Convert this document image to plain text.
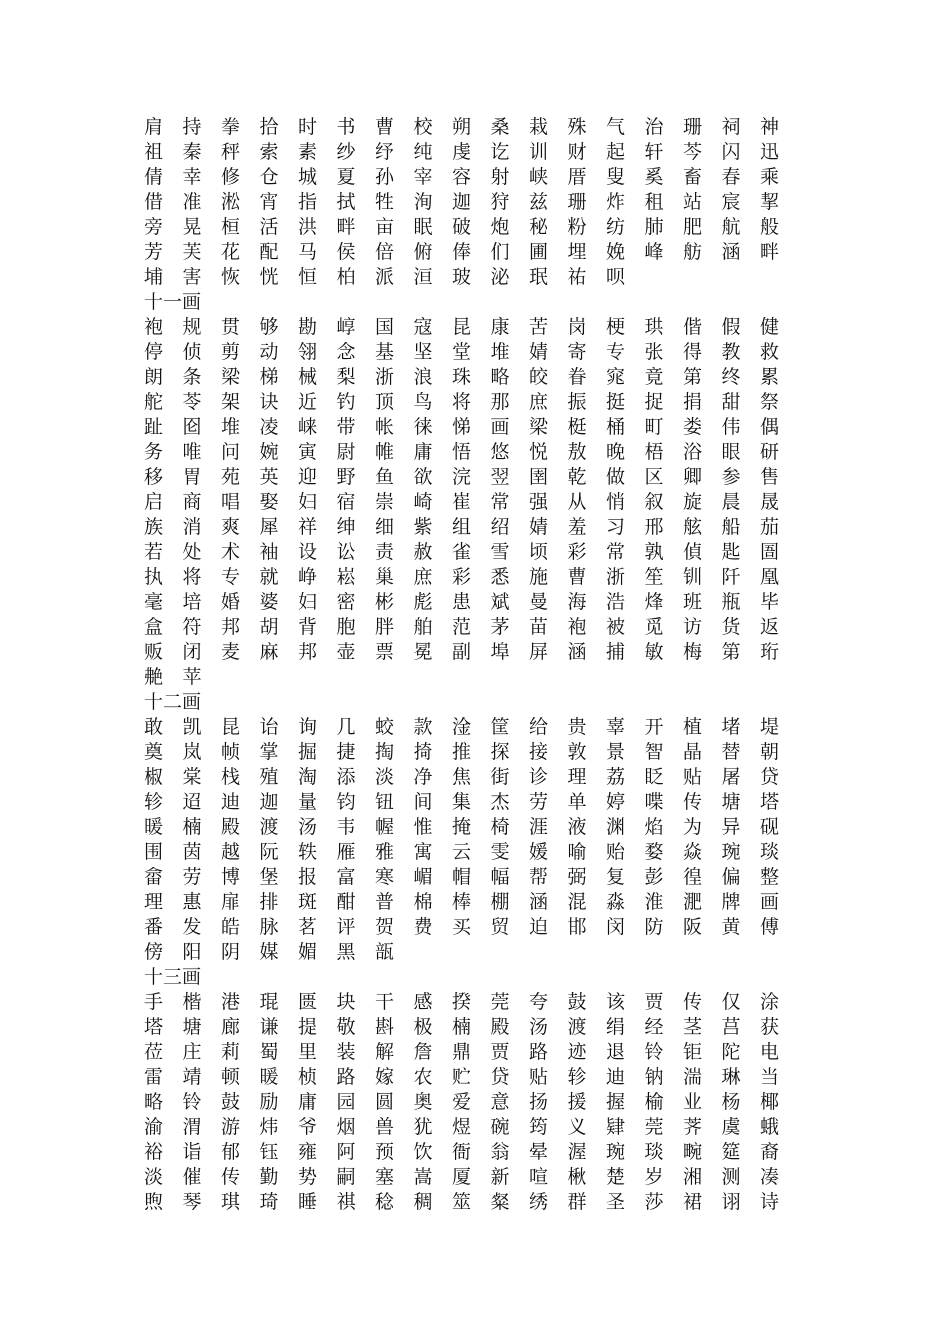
肩	持	拳	拾	时	书	曹	校	朔	桑	栽	殊	气	治	珊	祠	神
祖	秦	秤	索	素	纱	纾	纯	虔	讫	训	财	起	轩	芩	闪	迅
倩	幸	修	仓	城	夏	孙	宰	容	射	峡	厝	叟	奚	畜	春	乘
借	准	淞	宵	指	拭	牲	洵	迦	狩	兹	珊	炸	租	站	宸	挈
旁	晃	桓	活	洪	畔	亩	眠	破	炮	秘	粉	纺	肺	肥	航	般
芳	芙	花	配	马	侯	倍	俯	俸	们	圃	埋	娩	峰	舫	涵	畔
埔	害	恢	恍	恒	柏	派	洹	玻	泌	珉	祐	呗
十一画
袍	规	贯	够	勘	崞	国	寇	昆	康	苦	岗	梗	珙	偕	假	健
停	侦	剪	动	翎	念	基	坚	堂	堆	婧	寄	专	张	得	教	救
朗	条	梁	梯	械	梨	浙	浪	珠	略	皎	眷	窕	竟	第	终	累
舵	苓	架	诀	近	钓	顶	鸟	将	那	庶	振	挺	捉	捐	甜	祭
趾	囵	堆	凌	崃	带	帐	徕	悌	画	梁	梃	桶	町	娄	伟	偶
务	唯	问	婉	寅	尉	帷	庸	悟	悠	悦	敖	晚	梧	浴	眼	研
移	胃	苑	英	迎	野	鱼	欲	浣	翌	圉	乾	做	区	卿	参	售
启	商	唱	娶	妇	宿	崇	崎	崔	常	强	从	悄	叙	旋	晨	晟
族	消	爽	犀	祥	绅	细	紫	组	绍	婧	羞	习	邢	舷	船	茄
若	处	术	袖	设	讼	责	赦	雀	雪	顷	彩	常	孰	偵	匙	圄
执	将	专	就	峥	崧	巢	庶	彩	悉	施	曹	浙	笙	钏	阡	凰
毫	培	婚	婆	妇	密	彬	彪	患	斌	曼	海	浩	烽	班	瓶	毕
盒	符	邦	胡	背	胞	胖	舶	范	茅	苗	袍	被	觅	访	货	返
贩	闭	麦	麻	邦	壶	票	冕	副	埠	屏	涵	捕	敏	梅	第	珩
艴	苹
十二画
敢	凯	昆	诒	询	几	蛟	款	淦	筐	给	贵	辜	开	植	堵	堤
奠	岚	帧	掌	掘	捷	掏	掎	推	探	接	敦	景	智	晶	替	朝
椒	棠	栈	殖	淘	添	淡	净	焦	街	诊	理	荔	眨	贴	屠	贷
轸	迢	迪	迦	量	钧	钮	间	集	杰	劳	单	婷	喋	传	塘	塔
暖	楠	殿	渡	汤	韦	幄	惟	掩	椅	涯	液	渊	焰	为	异	砚
围	茵	越	阮	轶	雁	雅	寓	云	雯	媛	喻	贻	婺	焱	琬	琰
畲	劳	博	堡	报	富	寒	嵋	帽	幅	帮	弼	复	彭	徨	偏	整
理	惠	扉	排	斑	酣	普	棉	棒	棚	涵	混	淼	淮	淝	牌	画
番	发	皓	脉	茗	评	贺	费	买	贸	迫	邯	闵	防	阪	黄	傅
傍	阳	阴	媒	媚	黑	瓿
十三画
手	楷	港	琨	匮	块	干	感	揆	莞	夸	鼓	该	贾	传	仅	涂
塔	塘	廊	谦	提	敬	斟	极	楠	殿	汤	渡	绢	经	茎	莒	获
莅	庄	莉	蜀	里	装	解	詹	鼎	贾	路	迹	退	铃	钜	陀	电
雷	靖	顿	暖	桢	路	嫁	农	贮	贷	贴	轸	迪	钠	湍	琳	当
略	铃	鼓	励	庸	园	圆	奥	爱	意	扬	援	握	榆	业	杨	椰
渝	渭	游	炜	爷	烟	兽	犹	煜	碗	筠	义	肄	莞	荠	虞	蛾
裕	诣	郁	钰	雍	阿	预	饮	衙	翁	晕	渥	琬	琰	畹	筵	裔
淡	催	传	勤	势	嗣	塞	嵩	厦	新	喧	楸	楚	岁	湘	测	凑
煦	琴	琪	琦	睡	祺	稔	稠	筮	粲	绣	群	圣	莎	裙	诩	诗
